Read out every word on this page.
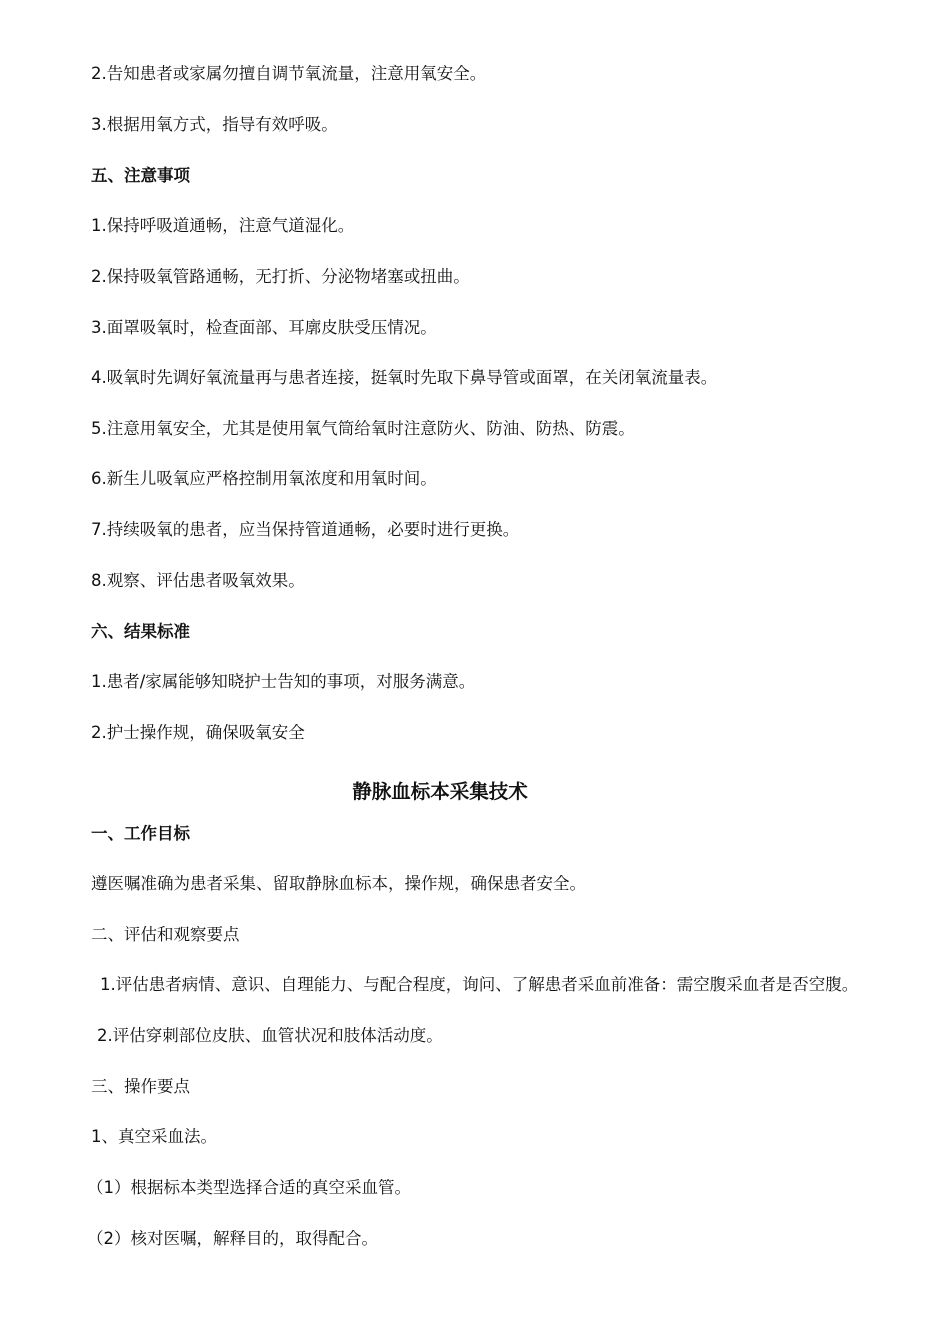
2.告知患者或家属勿擅自调节氧流量，注意用氧安全。
3.根据用氧方式，指导有效呼吸。
五、注意事项
1.保持呼吸道通畅，注意气道湿化。
2.保持吸氧管路通畅，无打折、分泌物堵塞或扭曲。
3.面罩吸氧时，检查面部、耳廓皮肤受压情况。
4.吸氧时先调好氧流量再与患者连接，挺氧时先取下鼻导管或面罩，在关闭氧流量表。
5.注意用氧安全，尤其是使用氧气筒给氧时注意防火、防油、防热、防震。
6.新生儿吸氧应严格控制用氧浓度和用氧时间。
7.持续吸氧的患者，应当保持管道通畅，必要时进行更换。
8.观察、评估患者吸氧效果。
六、结果标准
1.患者/家属能够知晓护士告知的事项，对服务满意。
2.护士操作规，确保吸氧安全
静脉血标本采集技术
一、工作目标
遵医嘱准确为患者采集、留取静脉血标本，操作规，确保患者安全。
二、评估和观察要点
1.评估患者病情、意识、自理能力、与配合程度，询问、了解患者采血前准备：需空腹采血者是否空腹。
2.评估穿刺部位皮肤、血管状况和肢体活动度。
三、操作要点
1、真空采血法。
（1）根据标本类型选择合适的真空采血管。
（2）核对医嘱，解释目的，取得配合。
